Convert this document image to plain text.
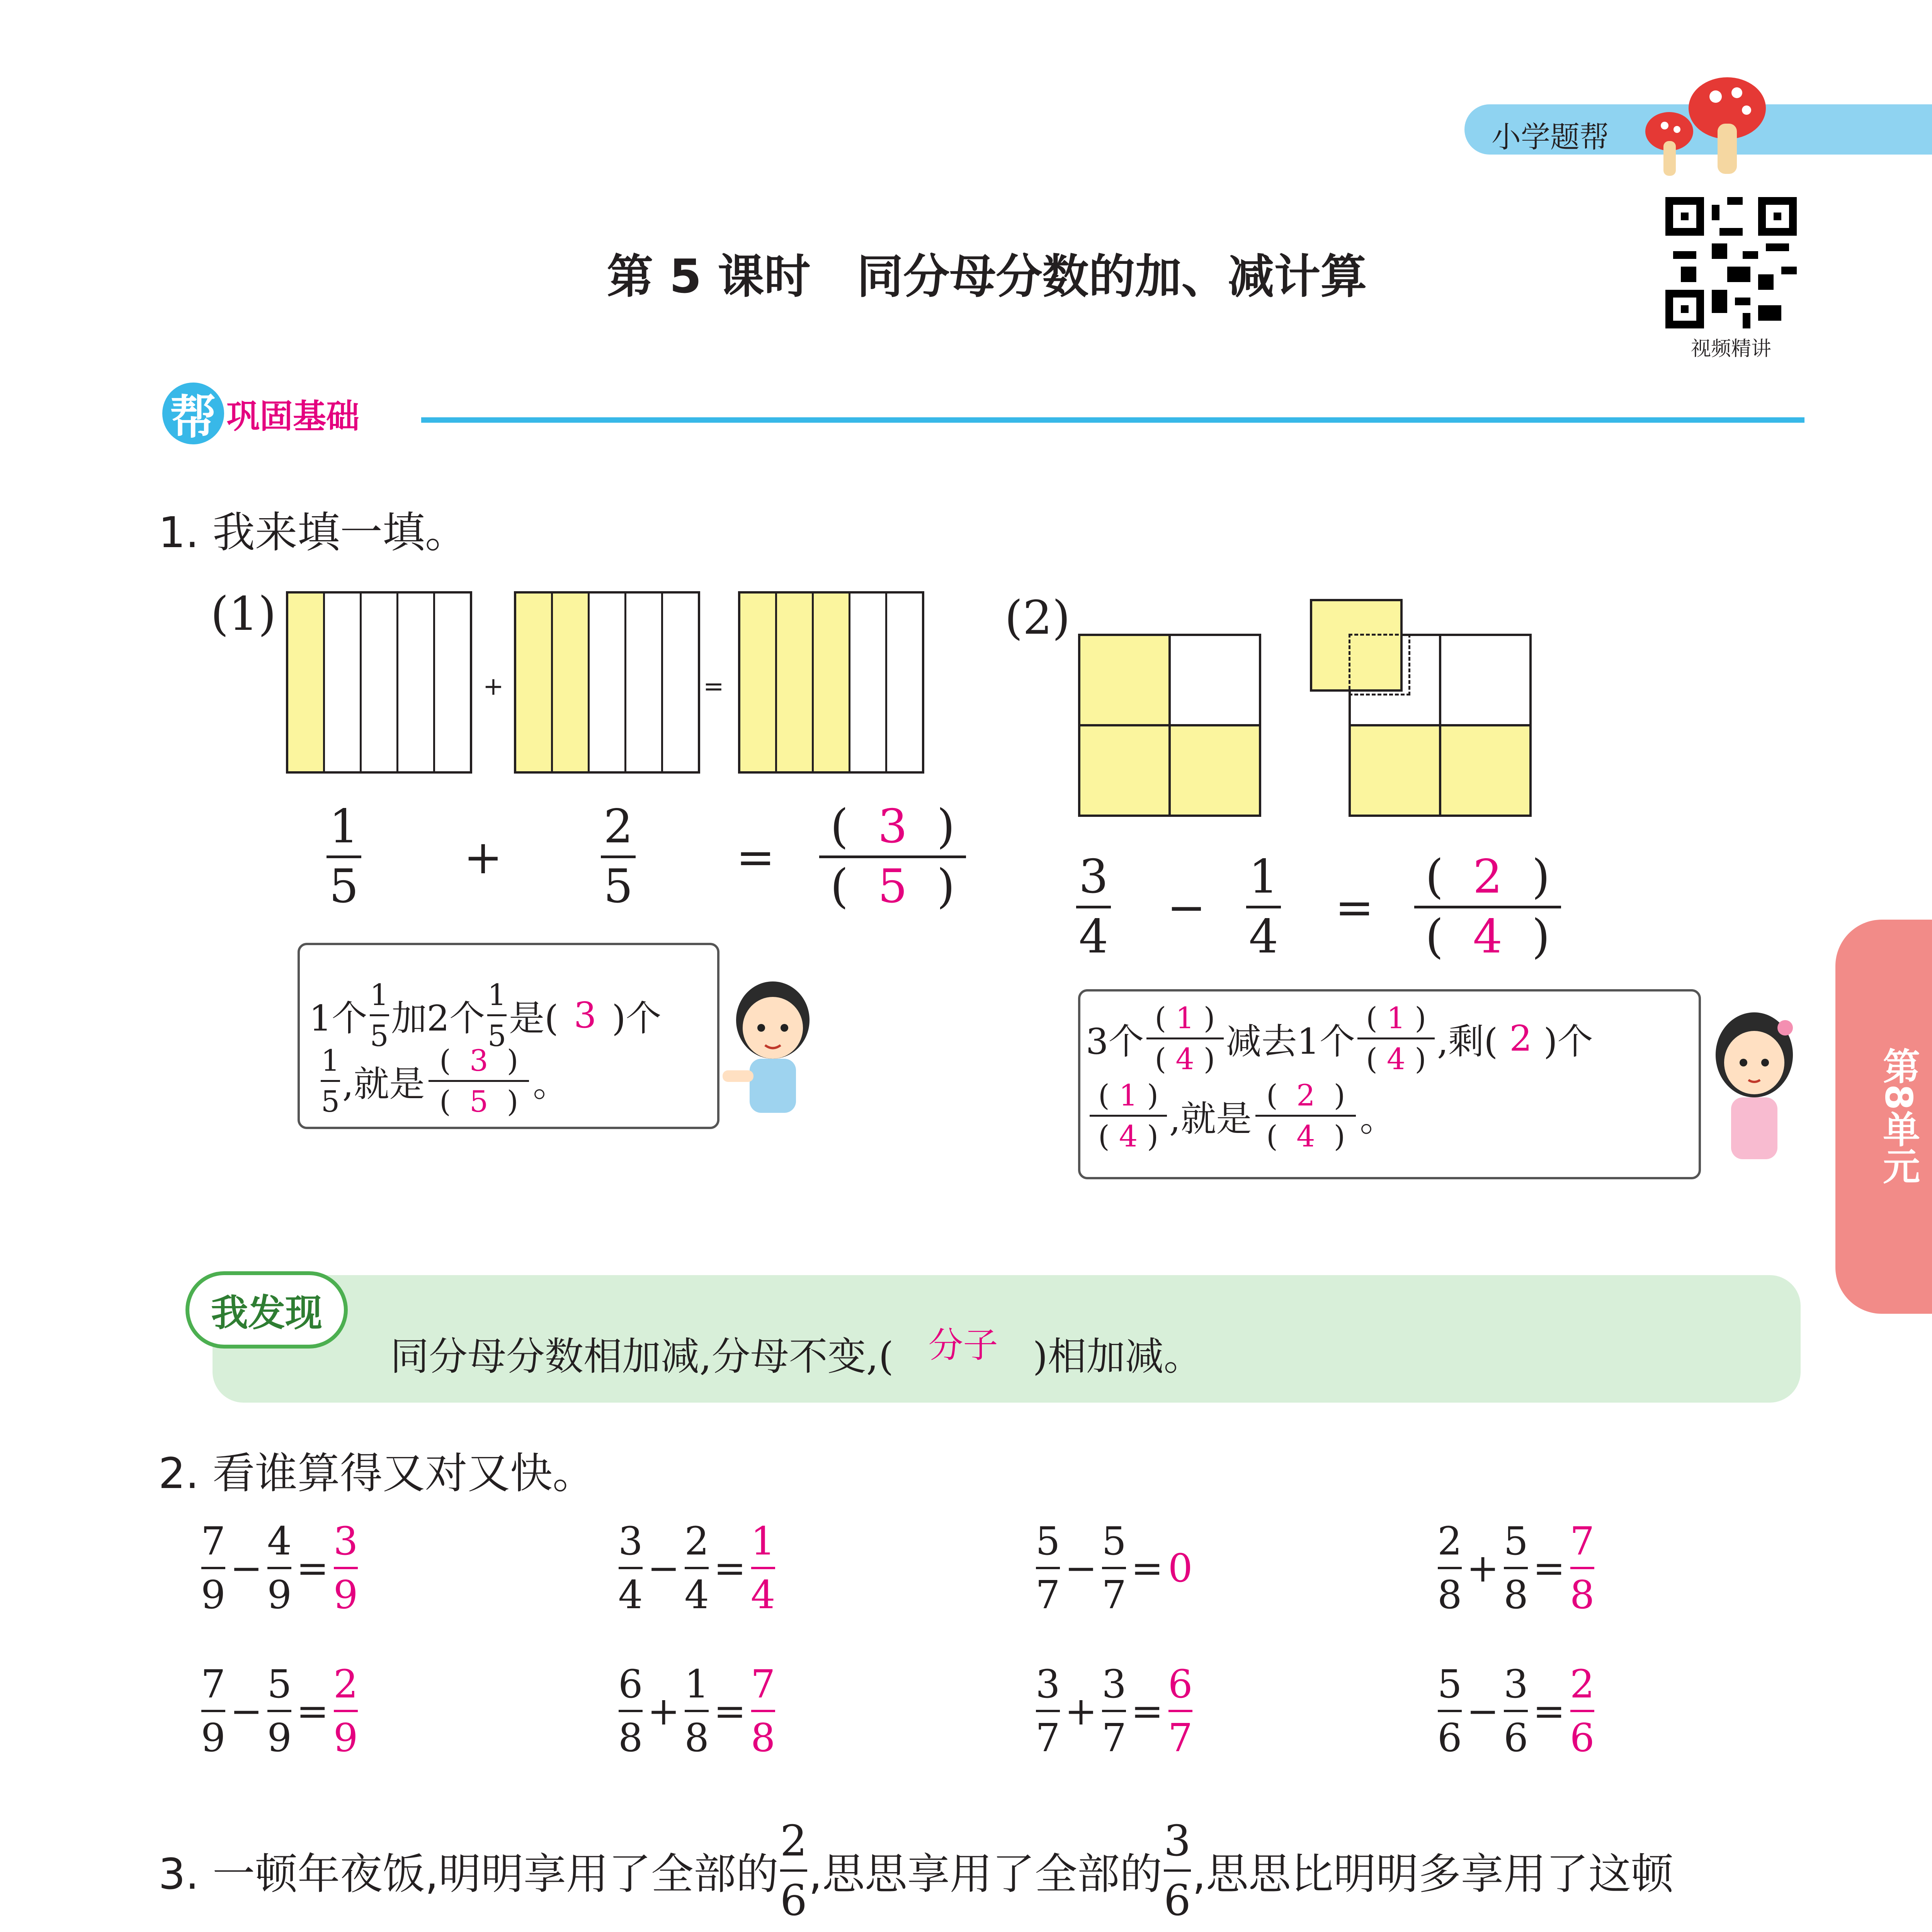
小学题帮
第 5 课时　同分母分数的加、减计算
视频精讲
帮 巩固基础
1. 我来填一填。
(1)
+	=
1
5
+
2
5
=
(  3  )
(  5  )
1个
1
5 加2个
1
5 是( 3 )个
1
5 ,就是
(  3  )
(  5  ) 。
(2)
3
4
−
1
4
=
(  2  )
(  4  )
3个
( 1 )
( 4 ) 减去1个
( 1 )
( 4 ) ,剩( 2 )个
( 1 )
( 4 ) ,就是
(  2  )
(  4  ) 。	第8单元
我发现
同分母分数相加减,分母不变,( 分子 )相加减。
2. 看谁算得又对又快。
7
9
−
4
9
=
3
9
3
4
−
2
4
=
1
4
5
7
−
5
7
= 0
2
8
+
5
8
=
7
8
7
9
−
5
9
=
2
9
6
8
+
1
8
=
7
8
3
7
+
3
7
=
6
7
5
6
−
3
6
=
2
6
3. 一顿年夜饭,明明享用了全部的
2
6
,思思享用了全部的
3
6
,思思比明明多享用了这顿
